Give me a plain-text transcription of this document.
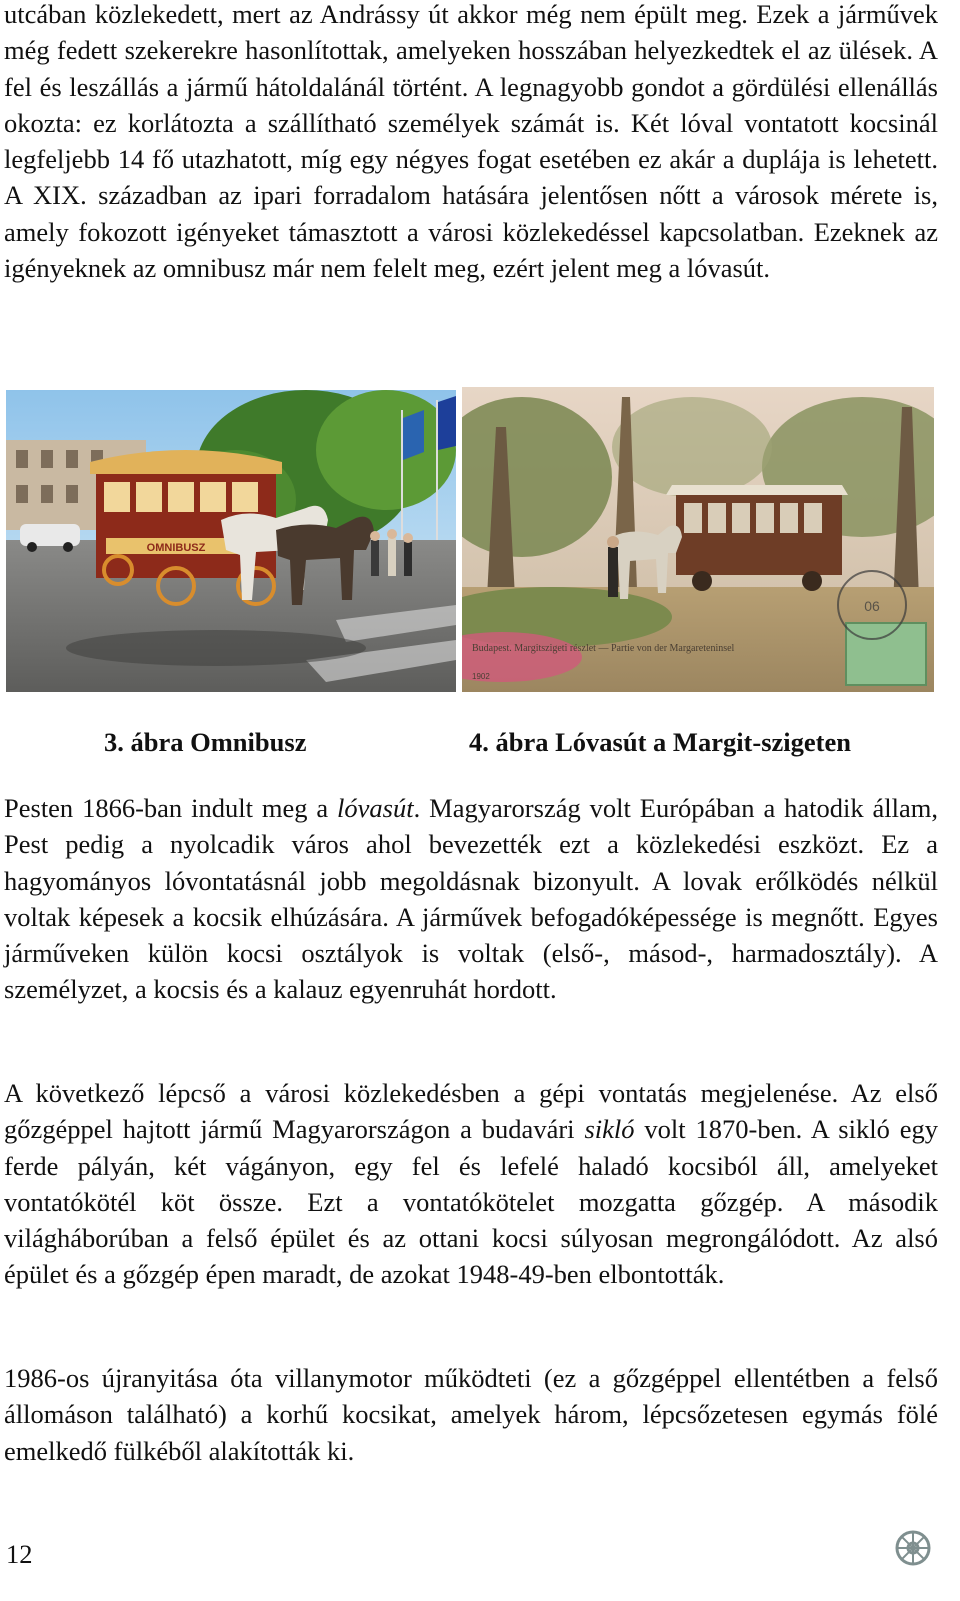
utcában közlekedett, mert az Andrássy út akkor még nem épült meg. Ezek a járművek még fedett szekerekre hasonlítottak, amelyeken hosszában helyezkedtek el az ülések. A fel és leszállás a jármű hátoldalánál történt. A legnagyobb gondot a gördülési ellenállás okozta: ez korlátozta a szállítható személyek számát is. Két lóval vontatott kocsinál legfeljebb 14 fő utazhatott, míg egy négyes fogat esetében ez akár a duplája is lehetett. A XIX. században az ipari forradalom hatására jelentősen nőtt a városok mérete is, amely fokozott igényeket támasztott a városi közlekedéssel kapcsolatban. Ezeknek az igényeknek az omnibusz már nem felelt meg, ezért jelent meg a lóvasút.

OMNIBUSZ
06
Budapest. Margitszigeti részlet — Partie von der Margareteninsel
1902
3. ábra Omnibusz	4. ábra Lóvasút a Margit-szigeten

Pesten 1866-ban indult meg a lóvasút. Magyarország volt Európában a hatodik állam, Pest pedig a nyolcadik város ahol bevezették ezt a közlekedési eszközt. Ez a hagyományos lóvontatásnál jobb megoldásnak bizonyult. A lovak erőlködés nélkül voltak képesek a kocsik elhúzására. A járművek befogadóképessége is megnőtt. Egyes járműveken külön kocsi osztályok is voltak (első-, másod-, harmadosztály). A személyzet, a kocsis és a kalauz egyenruhát hordott.

A következő lépcső a városi közlekedésben a gépi vontatás megjelenése. Az első gőzgéppel hajtott jármű Magyarországon a budavári sikló volt 1870-ben. A sikló egy ferde pályán, két vágányon, egy fel és lefelé haladó kocsiból áll, amelyeket vontatókötél köt össze. Ezt a vontatókötelet mozgatta gőzgép. A második világháborúban a felső épület és az ottani kocsi súlyosan megrongálódott. Az alsó épület és a gőzgép épen maradt, de azokat 1948-49-ben elbontották.

1986-os újranyitása óta villanymotor működteti (ez a gőzgéppel ellentétben a felső állomáson található) a korhű kocsikat, amelyek három, lépcsőzetesen egymás fölé emelkedő fülkéből alakították ki.

12
